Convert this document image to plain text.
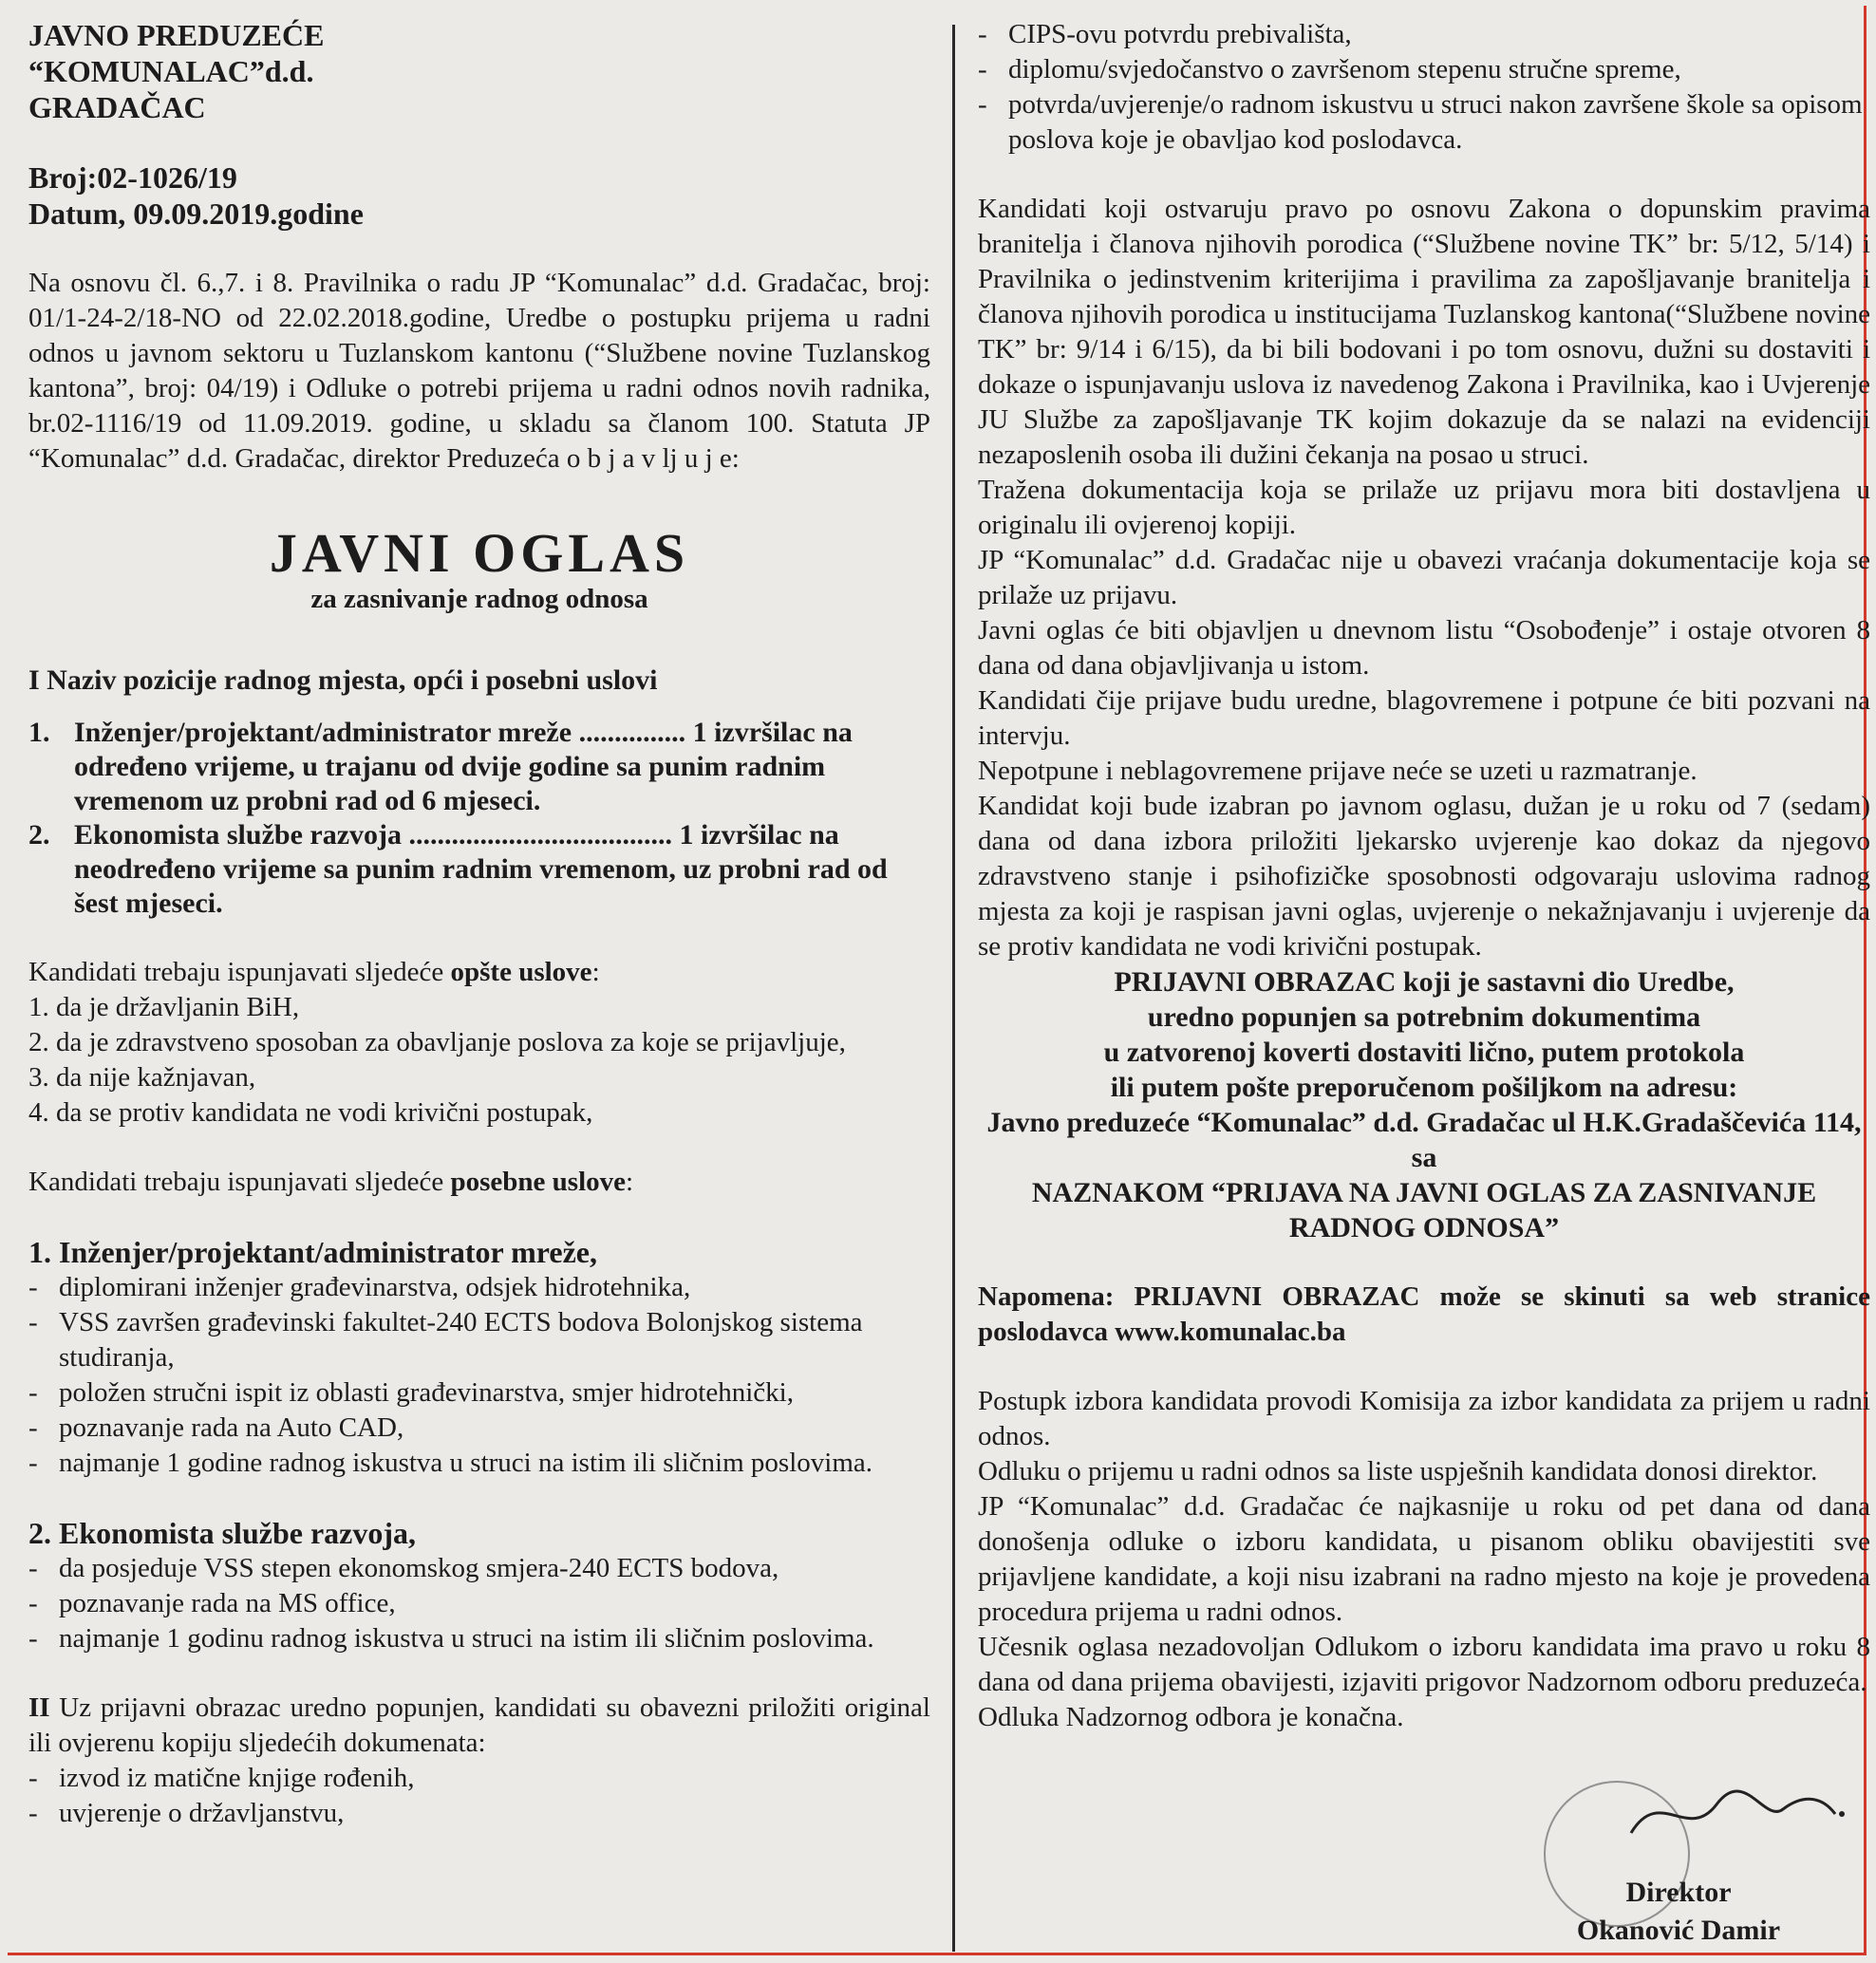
JAVNO PREDUZEĆE

“KOMUNALAC”d.d.

GRADAČAC

Broj:02-1026/19

Datum, 09.09.2019.godine

Na osnovu čl. 6.,7. i 8. Pravilnika o radu JP “Komunalac” d.d. Gradačac, broj: 01/1-24-2/18-NO od 22.02.2018.godine, Uredbe o postupku prijema u radni odnos u javnom sektoru u Tuzlanskom kantonu (“Službene novine Tuzlanskog kantona”, broj: 04/19) i Odluke o potrebi prijema u radni odnos novih radnika, br.02-1116/19 od 11.09.2019. godine, u skladu sa članom 100. Statuta JP “Komunalac” d.d. Gradačac, direktor Preduzeća o b j a v lj u j e:

JAVNI OGLAS

za zasnivanje radnog odnosa

I Naziv pozicije radnog mjesta, opći i posebni uslovi

1. Inženjer/projektant/administrator mreže ............... 1 izvršilac na određeno vrijeme, u trajanu od dvije godine sa punim radnim vremenom uz probni rad od 6 mjeseci.
2. Ekonomista službe razvoja ..................................... 1 izvršilac na neodređeno vrijeme sa punim radnim vremenom, uz probni rad od šest mjeseci.

Kandidati trebaju ispunjavati sljedeće opšte uslove:

1. da je državljanin BiH,

2. da je zdravstveno sposoban za obavljanje poslova za koje se prijavljuje,

3. da nije kažnjavan,

4. da se protiv kandidata ne vodi krivični postupak,

Kandidati trebaju ispunjavati sljedeće posebne uslove:

1. Inženjer/projektant/administrator mreže,

- diplomirani inženjer građevinarstva, odsjek hidrotehnika,
- VSS završen građevinski fakultet-240 ECTS bodova Bolonjskog sistema studiranja,
- položen stručni ispit iz oblasti građevinarstva, smjer hidrotehnički,
- poznavanje rada na Auto CAD,
- najmanje 1 godine radnog iskustva u struci na istim ili sličnim poslovima.

2. Ekonomista službe razvoja,

- da posjeduje VSS stepen ekonomskog smjera-240 ECTS bodova,
- poznavanje rada na MS office,
- najmanje 1 godinu radnog iskustva u struci na istim ili sličnim poslovima.

II Uz prijavni obrazac uredno popunjen, kandidati su obavezni priložiti original ili ovjerenu kopiju sljedećih dokumenata:

- izvod iz matične knjige rođenih,
- uvjerenje o državljanstvu,
- CIPS-ovu potvrdu prebivališta,
- diplomu/svjedočanstvo o završenom stepenu stručne spreme,
- potvrda/uvjerenje/o radnom iskustvu u struci nakon završene škole sa opisom poslova koje je obavljao kod poslodavca.

Kandidati koji ostvaruju pravo po osnovu Zakona o dopunskim pravima branitelja i članova njihovih porodica (“Službene novine TK” br: 5/12, 5/14) i Pravilnika o jedinstvenim kriterijima i pravilima za zapošljavanje branitelja i članova njihovih porodica u institucijama Tuzlanskog kantona(“Službene novine TK” br: 9/14 i 6/15), da bi bili bodovani i po tom osnovu, dužni su dostaviti i dokaze o ispunjavanju uslova iz navedenog Zakona i Pravilnika, kao i Uvjerenje JU Službe za zapošljavanje TK kojim dokazuje da se nalazi na evidenciji nezaposlenih osoba ili dužini čekanja na posao u struci.

Tražena dokumentacija koja se prilaže uz prijavu mora biti dostavljena u originalu ili ovjerenoj kopiji.

JP “Komunalac” d.d. Gradačac nije u obavezi vraćanja dokumentacije koja se prilaže uz prijavu.

Javni oglas će biti objavljen u dnevnom listu “Osobođenje” i ostaje otvoren 8 dana od dana objavljivanja u istom.

Kandidati čije prijave budu uredne, blagovremene i potpune će biti pozvani na intervju.

Nepotpune i neblagovremene prijave neće se uzeti u razmatranje.

Kandidat koji bude izabran po javnom oglasu, dužan je u roku od 7 (sedam) dana od dana izbora priložiti ljekarsko uvjerenje kao dokaz da njegovo zdravstveno stanje i psihofizičke sposobnosti odgovaraju uslovima radnog mjesta za koji je raspisan javni oglas, uvjerenje o nekažnjavanju i uvjerenje da se protiv kandidata ne vodi krivični postupak.

PRIJAVNI OBRAZAC koji je sastavni dio Uredbe,

uredno popunjen sa potrebnim dokumentima

u zatvorenoj koverti dostaviti lično, putem protokola

ili putem pošte preporučenom pošiljkom na adresu:

Javno preduzeće “Komunalac” d.d. Gradačac ul H.K.Gradaščevića 114, sa

NAZNAKOM “PRIJAVA NA JAVNI OGLAS ZA ZASNIVANJE RADNOG ODNOSA”

Napomena: PRIJAVNI OBRAZAC može se skinuti sa web stranice poslodavca www.komunalac.ba

Postupk izbora kandidata provodi Komisija za izbor kandidata za prijem u radni odnos.

Odluku o prijemu u radni odnos sa liste uspješnih kandidata donosi direktor.

JP “Komunalac” d.d. Gradačac će najkasnije u roku od pet dana od dana donošenja odluke o izboru kandidata, u pisanom obliku obavijestiti sve prijavljene kandidate, a koji nisu izabrani na radno mjesto na koje je provedena procedura prijema u radni odnos.

Učesnik oglasa nezadovoljan Odlukom o izboru kandidata ima pravo u roku 8 dana od dana prijema obavijesti, izjaviti prigovor Nadzornom odboru preduzeća.

Odluka Nadzornog odbora je konačna.

Direktor

Okanović Damir
